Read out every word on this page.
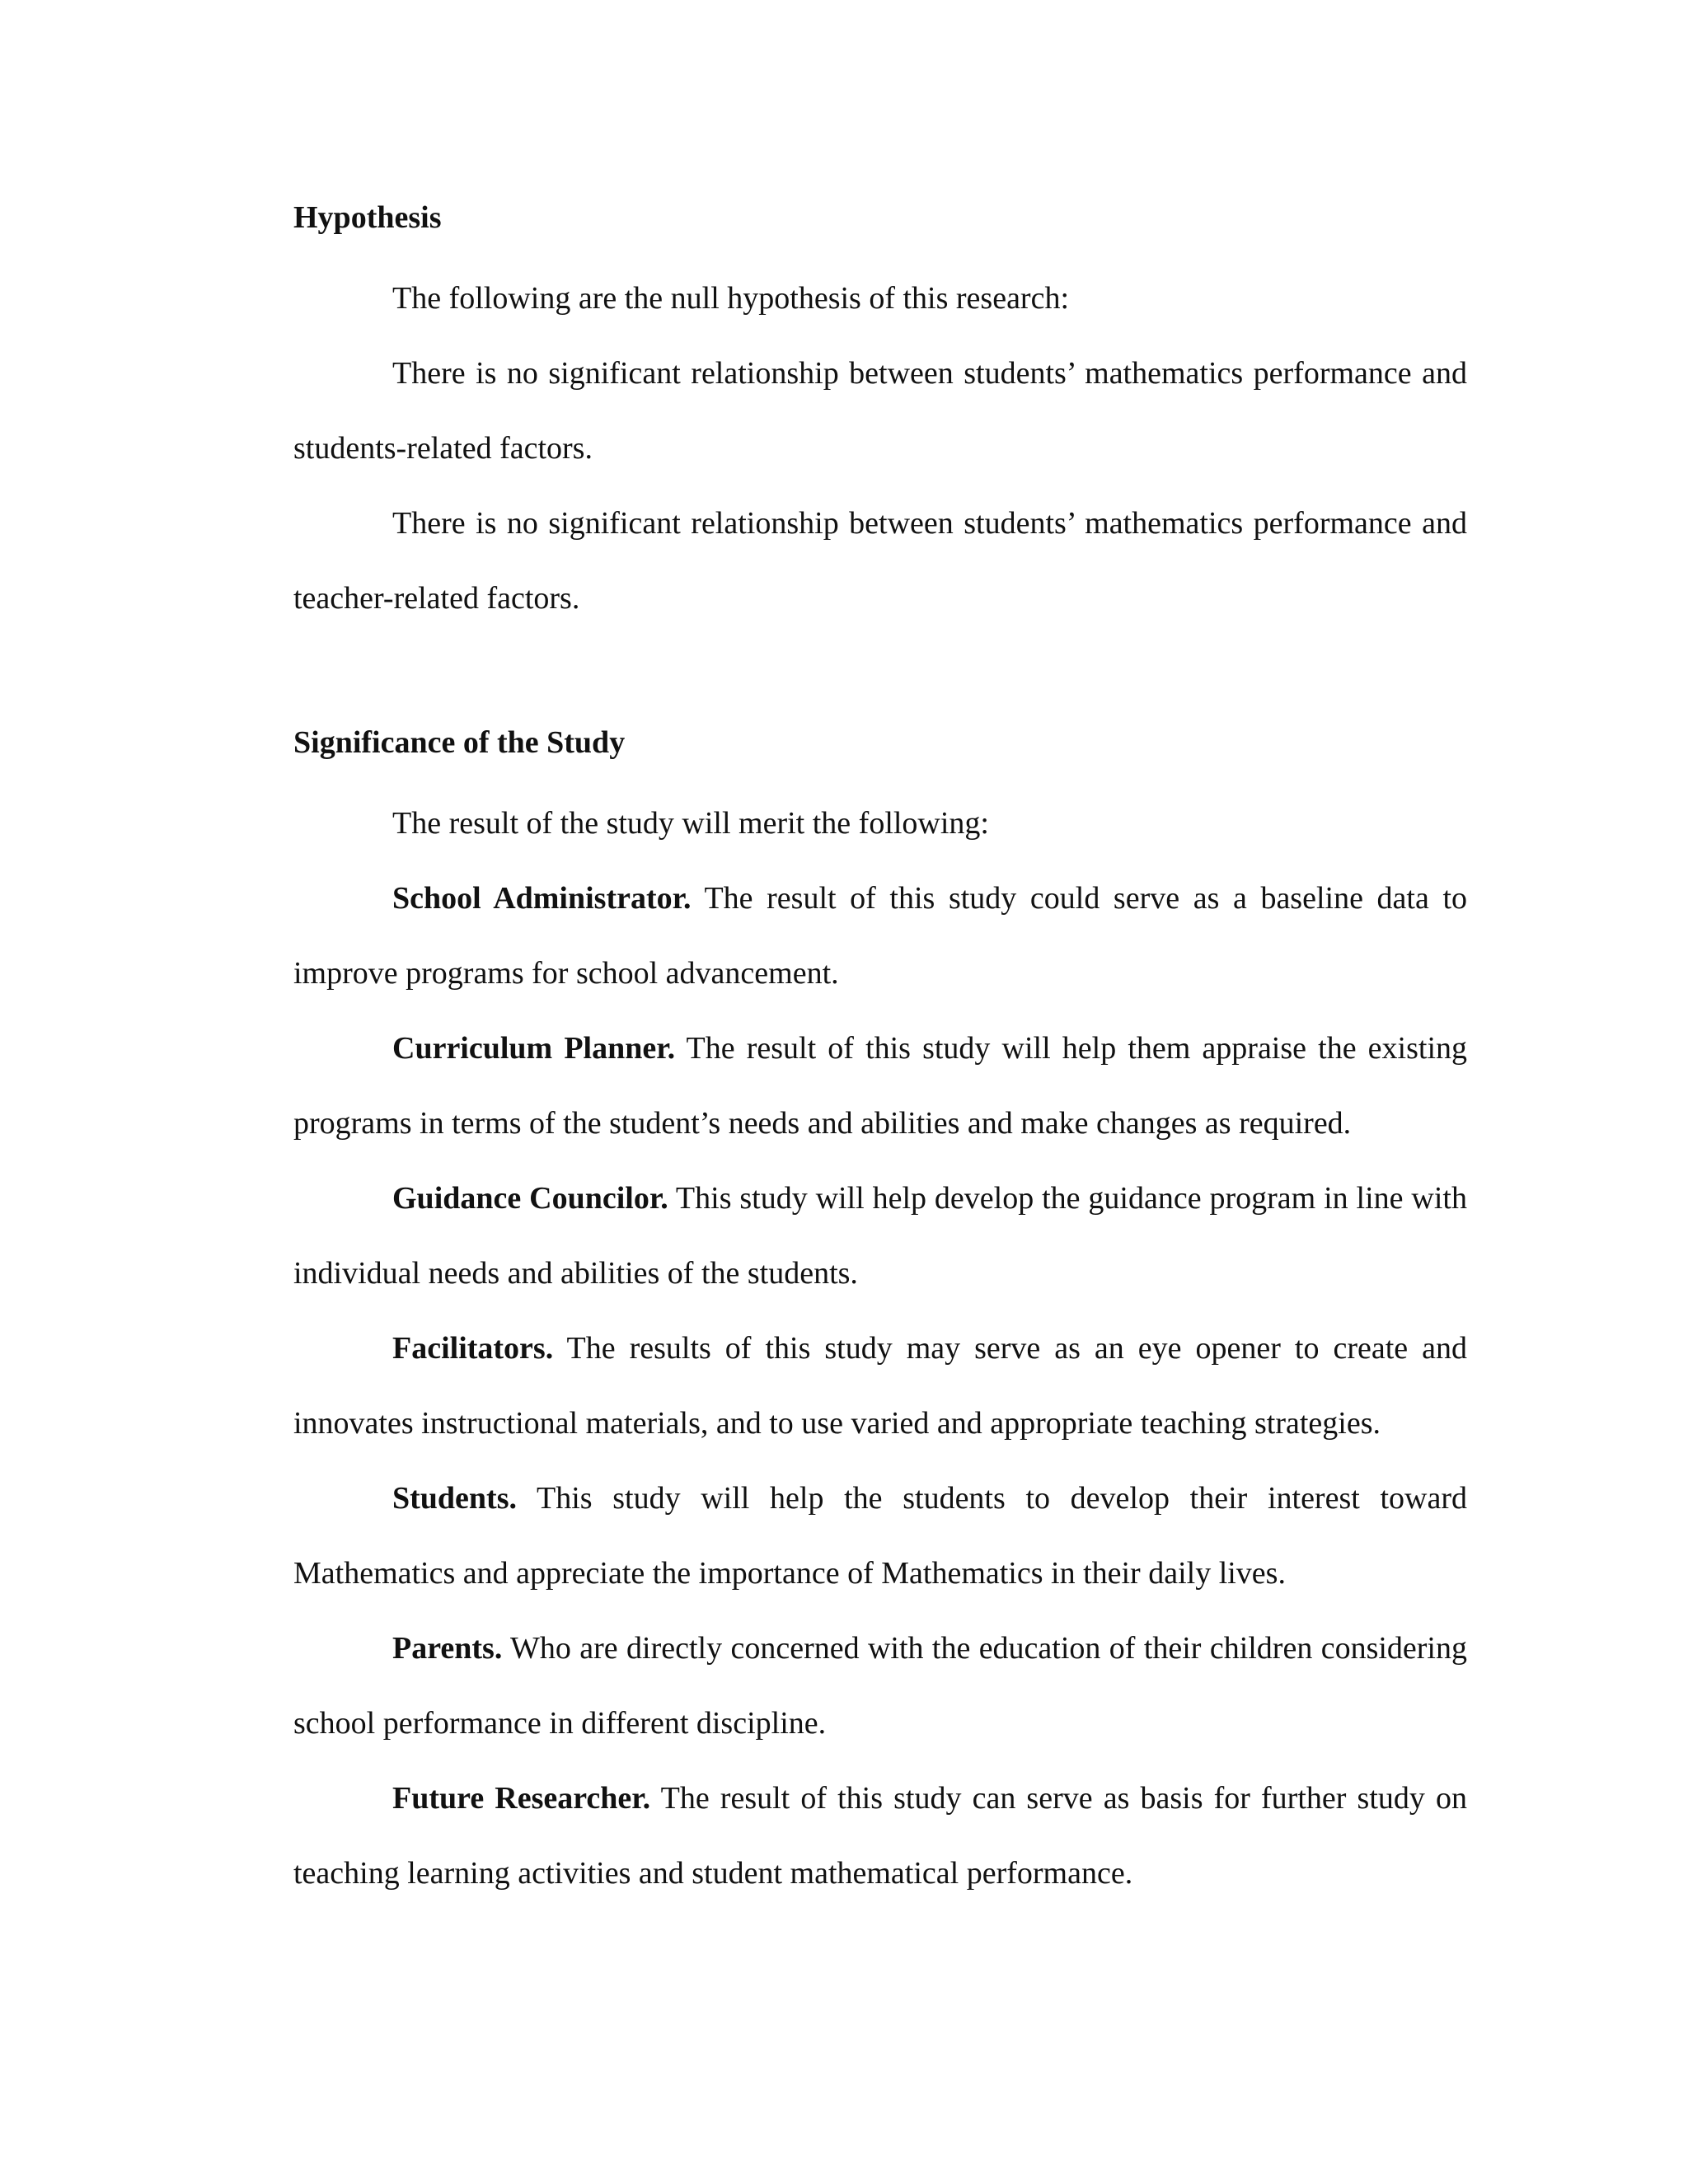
Hypothesis

The following are the null hypothesis of this research:

There is no significant relationship between students’ mathematics performance and students-related factors.

There is no significant relationship between students’ mathematics performance and teacher-related factors.

Significance of the Study

The result of the study will merit the following:

School Administrator. The result of this study could serve as a baseline data to improve programs for school advancement.

Curriculum Planner. The result of this study will help them appraise the existing programs in terms of the student’s needs and abilities and make changes as required.

Guidance Councilor. This study will help develop the guidance program in line with individual needs and abilities of the students.

Facilitators. The results of this study may serve as an eye opener to create and innovates instructional materials, and to use varied and appropriate teaching strategies.

Students. This study will help the students to develop their interest toward Mathematics and appreciate the importance of Mathematics in their daily lives.

Parents. Who are directly concerned with the education of their children considering school performance in different discipline.

Future Researcher. The result of this study can serve as basis for further study on teaching learning activities and student mathematical performance.
